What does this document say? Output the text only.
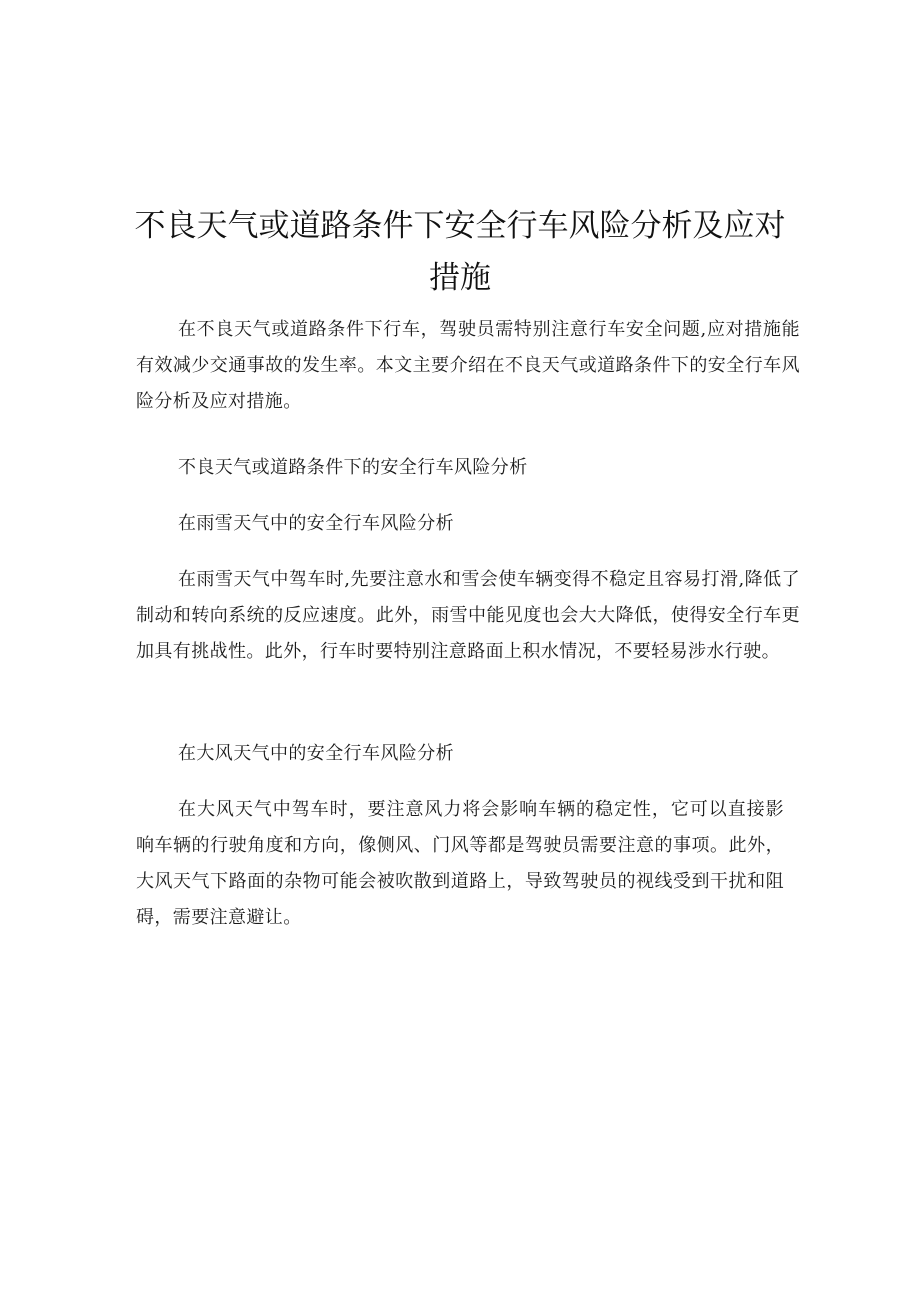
不良天气或道路条件下安全行车风险分析及应对措施

在不良天气或道路条件下行车，驾驶员需特别注意行车安全问题,应对措施能有效减少交通事故的发生率。本文主要介绍在不良天气或道路条件下的安全行车风险分析及应对措施。

不良天气或道路条件下的安全行车风险分析

在雨雪天气中的安全行车风险分析

在雨雪天气中驾车时,先要注意水和雪会使车辆变得不稳定且容易打滑,降低了制动和转向系统的反应速度。此外，雨雪中能见度也会大大降低，使得安全行车更加具有挑战性。此外，行车时要特别注意路面上积水情况，不要轻易涉水行驶。

在大风天气中的安全行车风险分析

在大风天气中驾车时，要注意风力将会影响车辆的稳定性，它可以直接影响车辆的行驶角度和方向，像侧风、门风等都是驾驶员需要注意的事项。此外，大风天气下路面的杂物可能会被吹散到道路上，导致驾驶员的视线受到干扰和阻碍，需要注意避让。
